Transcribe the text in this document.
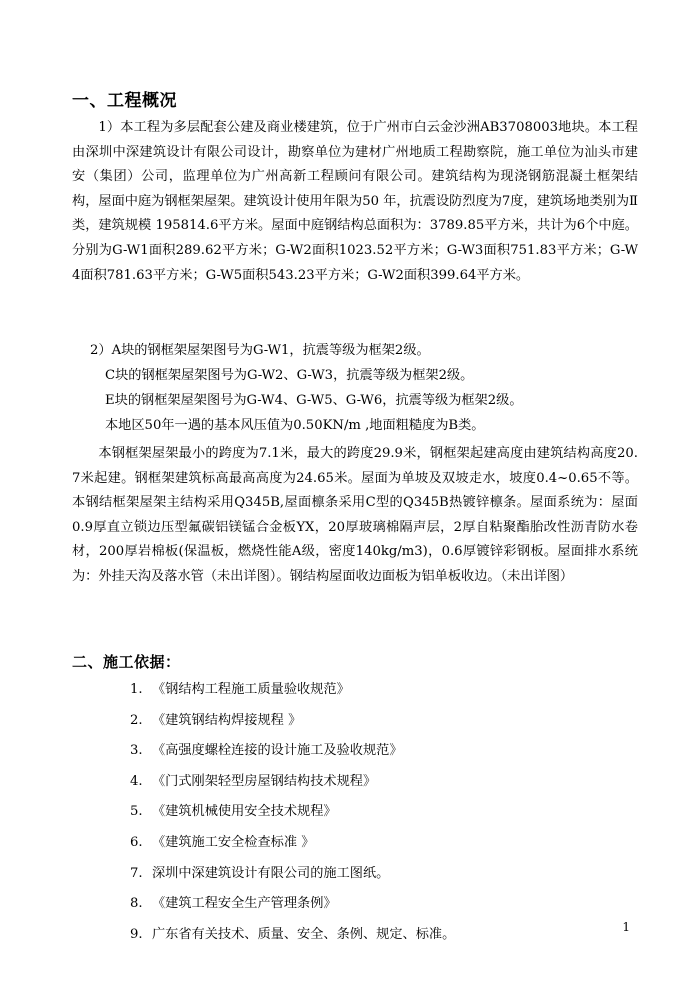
一、工程概况

1）本工程为多层配套公建及商业楼建筑，位于广州市白云金沙洲AB3708003地块。本工程由深圳中深建筑设计有限公司设计，勘察单位为建材广州地质工程勘察院，施工单位为汕头市建安（集团）公司，监理单位为广州高新工程顾问有限公司。建筑结构为现浇钢筋混凝土框架结构，屋面中庭为钢框架屋架。建筑设计使用年限为50 年，抗震设防烈度为7度，建筑场地类别为Ⅱ类，建筑规模 195814.6平方米。屋面中庭钢结构总面积为：3789.85平方米，共计为6个中庭。分别为G-W1面积289.62平方米；G-W2面积1023.52平方米；G-W3面积751.83平方米；G-W4面积781.63平方米；G-W5面积543.23平方米；G-W2面积399.64平方米。

2）A块的钢框架屋架图号为G-W1，抗震等级为框架2级。

C块的钢框架屋架图号为G-W2、G-W3，抗震等级为框架2级。

E块的钢框架屋架图号为G-W4、G-W5、G-W6，抗震等级为框架2级。

本地区50年一遇的基本风压值为0.50KN/m ,地面粗糙度为B类。

本钢框架屋架最小的跨度为7.1米，最大的跨度29.9米，钢框架起建高度由建筑结构高度20.7米起建。钢框架建筑标高最高高度为24.65米。屋面为单坡及双坡走水，坡度0.4~0.65不等。本钢结框架屋架主结构采用Q345B,屋面檩条采用C型的Q345B热镀锌檩条。屋面系统为：屋面0.9厚直立锁边压型氟碳铝镁锰合金板YX，20厚玻璃棉隔声层，2厚自粘聚酯胎改性沥青防水卷材，200厚岩棉板(保温板，燃烧性能A级，密度140kg/m3)，0.6厚镀锌彩钢板。屋面排水系统为：外挂天沟及落水管（未出详图）。钢结构屋面收边面板为铝单板收边。（未出详图）

二、施工依据：
1. 《钢结构工程施工质量验收规范》
2. 《建筑钢结构焊接规程 》
3. 《高强度螺栓连接的设计施工及验收规范》
4. 《门式刚架轻型房屋钢结构技术规程》
5. 《建筑机械使用安全技术规程》
6. 《建筑施工安全检查标准 》
7. 深圳中深建筑设计有限公司的施工图纸。
8. 《建筑工程安全生产管理条例》
9. 广东省有关技术、质量、安全、条例、规定、标准。	1
